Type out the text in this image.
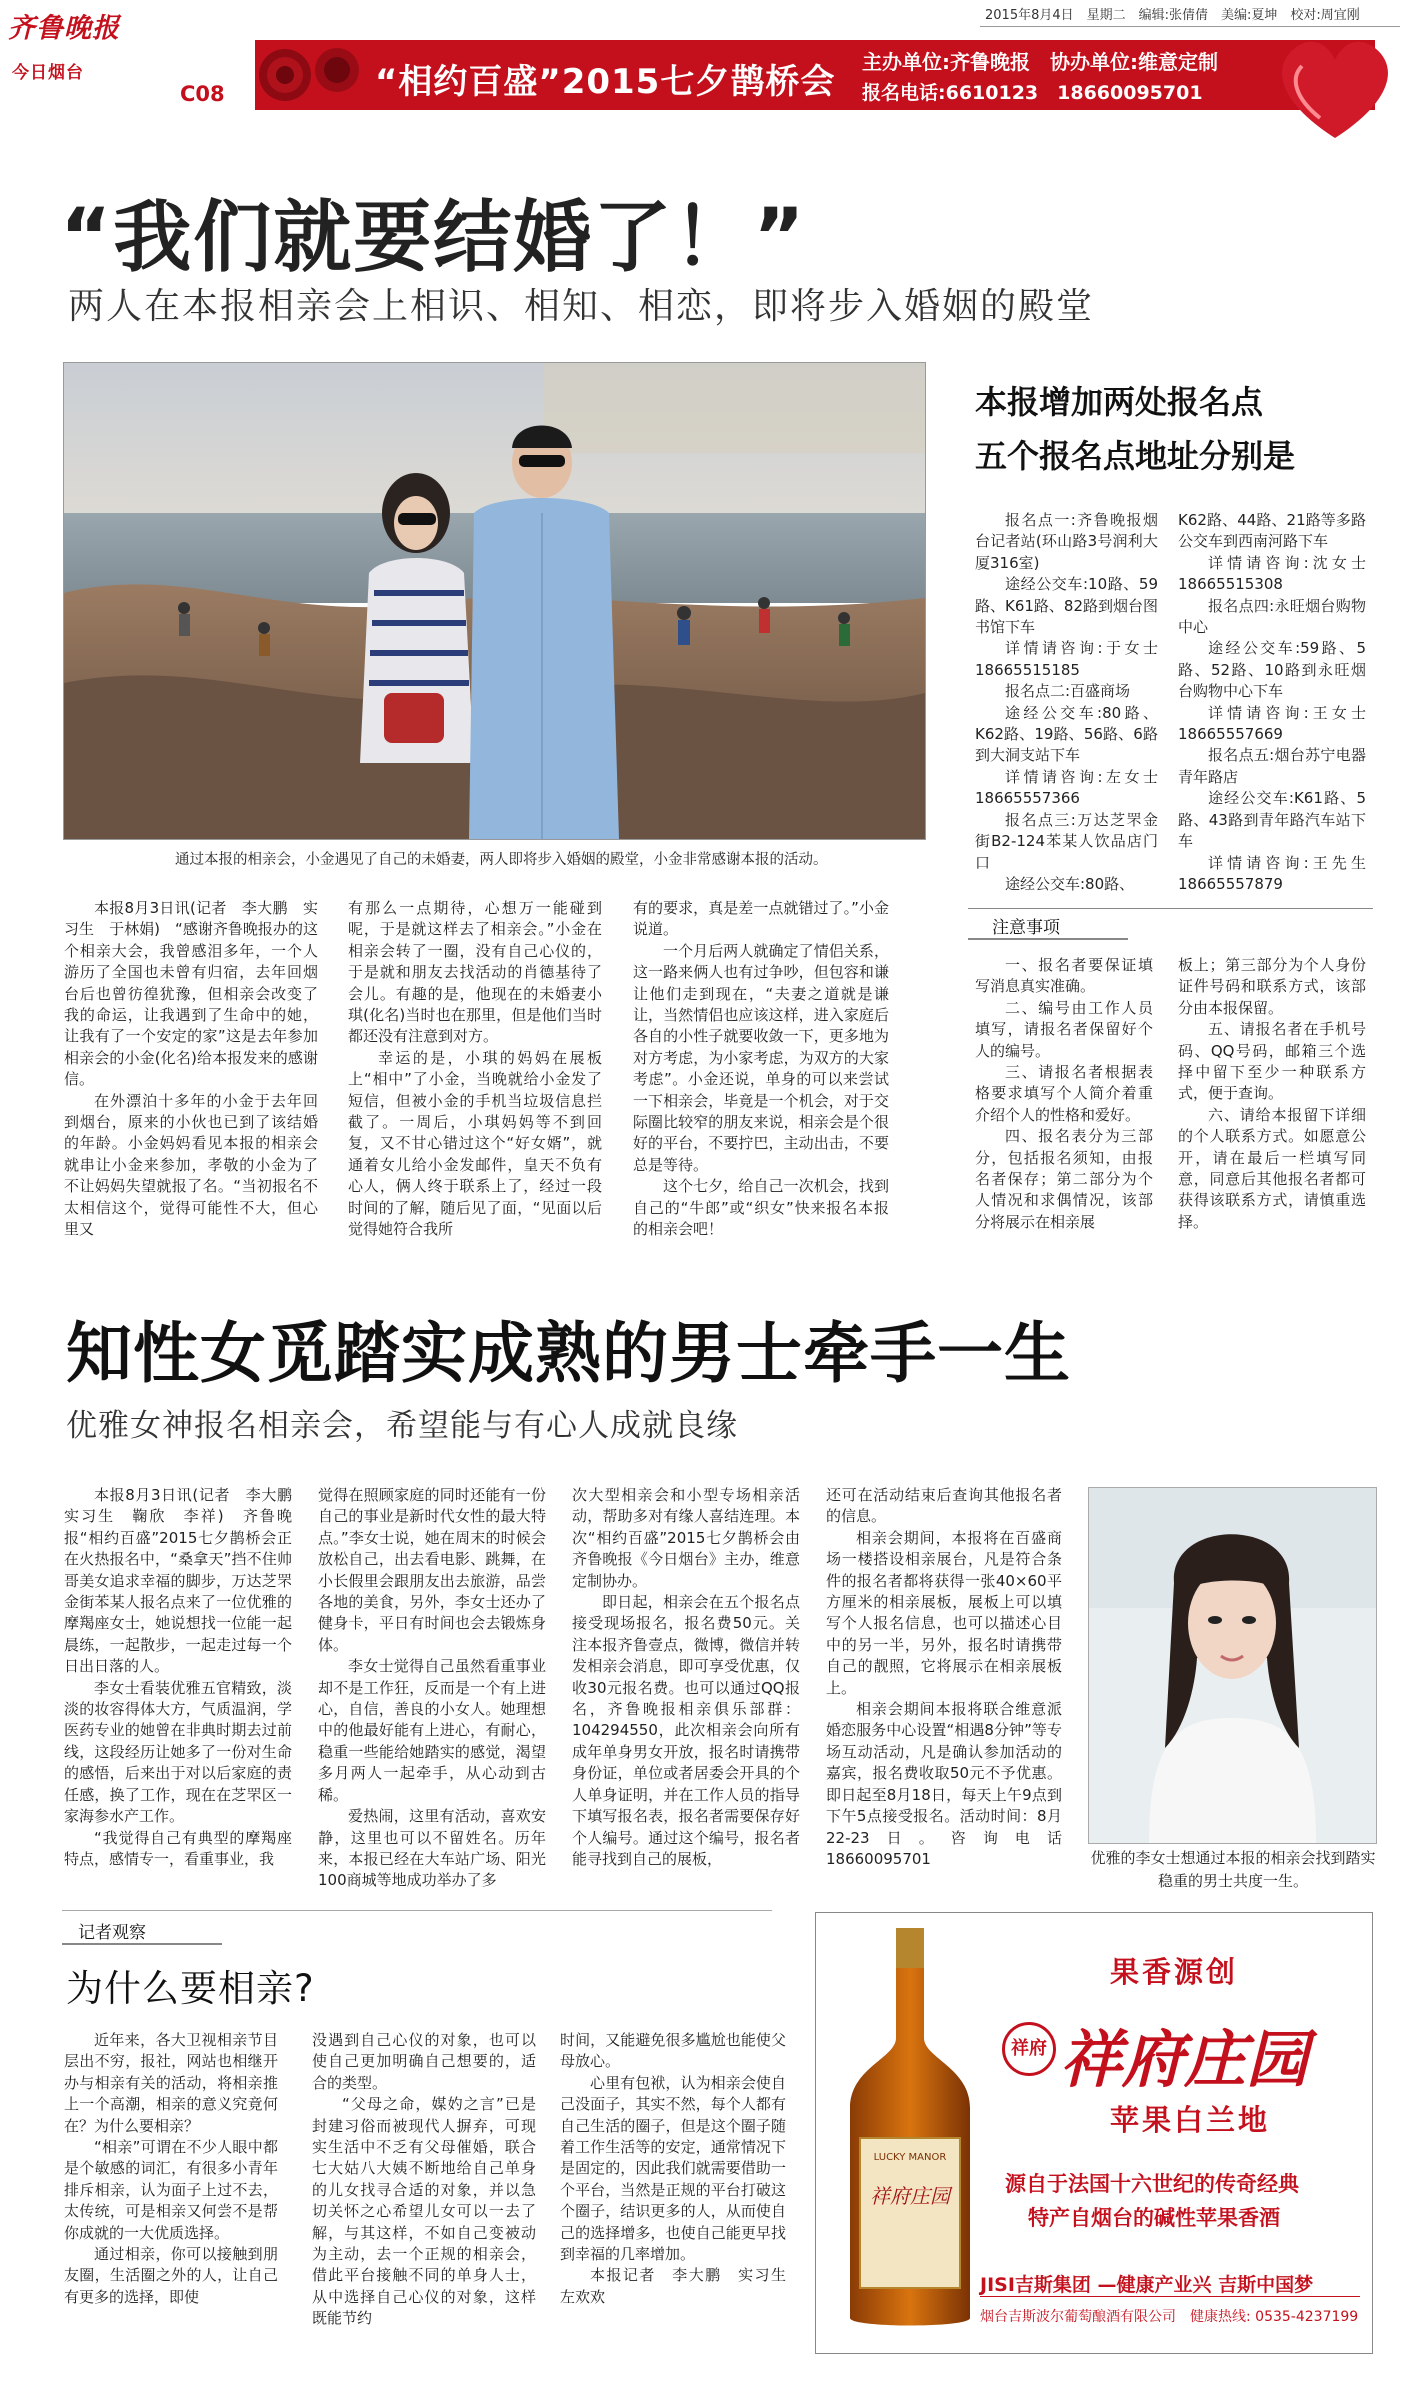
齐鲁晚报
今日烟台
2015年8月4日　星期二　编辑:张倩倩　美编:夏坤　校对:周宜刚
C08	“相约百盛”2015七夕鹊桥会 主办单位:齐鲁晚报　协办单位:维意定制
报名电话:6610123　18660095701
“我们就要结婚了！”
两人在本报相亲会上相识、相知、相恋，即将步入婚姻的殿堂
通过本报的相亲会，小金遇见了自己的未婚妻，两人即将步入婚姻的殿堂，小金非常感谢本报的活动。

本报8月3日讯(记者　李大鹏　实习生　于林娟)　“感谢齐鲁晚报办的这个相亲大会，我曾感泪多年，一个人游历了全国也未曾有归宿，去年回烟台后也曾彷徨犹豫，但相亲会改变了我的命运，让我遇到了生命中的她，让我有了一个安定的家”这是去年参加相亲会的小金(化名)给本报发来的感谢信。

在外漂泊十多年的小金于去年回到烟台，原来的小伙也已到了该结婚的年龄。小金妈妈看见本报的相亲会就串让小金来参加，孝敬的小金为了不让妈妈失望就报了名。“当初报名不太相信这个，觉得可能性不大，但心里又

有那么一点期待，心想万一能碰到呢，于是就这样去了相亲会。”小金在相亲会转了一圈，没有自己心仪的，于是就和朋友去找活动的肖德基待了会儿。有趣的是，他现在的未婚妻小琪(化名)当时也在那里，但是他们当时都还没有注意到对方。

幸运的是，小琪的妈妈在展板上“相中”了小金，当晚就给小金发了短信，但被小金的手机当垃圾信息拦截了。一周后，小琪妈妈等不到回复，又不甘心错过这个“好女婿”，就通着女儿给小金发邮件，皇天不负有心人，俩人终于联系上了，经过一段时间的了解，随后见了面，“见面以后觉得她符合我所

有的要求，真是差一点就错过了。”小金说道。

一个月后两人就确定了情侣关系，这一路来俩人也有过争吵，但包容和谦让他们走到现在，“夫妻之道就是谦让，当然情侣也应该这样，进入家庭后各自的小性子就要收敛一下，更多地为对方考虑，为小家考虑，为双方的大家考虑”。小金还说，单身的可以来尝试一下相亲会，毕竟是一个机会，对于交际圈比较窄的朋友来说，相亲会是个很好的平台，不要拧巴，主动出击，不要总是等待。

这个七夕，给自己一次机会，找到自己的“牛郎”或“织女”快来报名本报的相亲会吧！

本报增加两处报名点
五个报名点地址分别是

报名点一:齐鲁晚报烟台记者站(环山路3号润利大厦316室)

途经公交车:10路、59路、K61路、82路到烟台图书馆下车

详情请咨询:于女士18665515185

报名点二:百盛商场

途经公交车:80路、K62路、19路、56路、6路到大洞支站下车

详情请咨询:左女士18665557366

报名点三:万达芝罘金街B2-124苯某人饮品店门口

途经公交车:80路、

K62路、44路、21路等多路公交车到西南河路下车

详情请咨询:沈女士18665515308

报名点四:永旺烟台购物中心

途经公交车:59路、5路、52路、10路到永旺烟台购物中心下车

详情请咨询:王女士18665557669

报名点五:烟台苏宁电器青年路店

途经公交车:K61路、5路、43路到青年路汽车站下车

详情请咨询:王先生18665557879

注意事项

一、报名者要保证填写消息真实准确。

二、编号由工作人员填写，请报名者保留好个人的编号。

三、请报名者根据表格要求填写个人简介着重介绍个人的性格和爱好。

四、报名表分为三部分，包括报名须知，由报名者保存；第二部分为个人情况和求偶情况，该部分将展示在相亲展

板上；第三部分为个人身份证件号码和联系方式，该部分由本报保留。

五、请报名者在手机号码、QQ号码，邮箱三个选择中留下至少一种联系方式，便于查询。

六、请给本报留下详细的个人联系方式。如愿意公开，请在最后一栏填写同意，同意后其他报名者都可获得该联系方式，请慎重选择。

知性女觅踏实成熟的男士牵手一生
优雅女神报名相亲会，希望能与有心人成就良缘

本报8月3日讯(记者　李大鹏　实习生　鞠欣　李祥)　齐鲁晚报“相约百盛”2015七夕鹊桥会正在火热报名中，“桑拿天”挡不住帅哥美女追求幸福的脚步，万达芝罘金街苯某人报名点来了一位优雅的摩羯座女士，她说想找一位能一起晨练，一起散步，一起走过每一个日出日落的人。

李女士看装优雅五官精致，淡淡的妆容得体大方，气质温润，学医药专业的她曾在非典时期去过前线，这段经历让她多了一份对生命的感悟，后来出于对以后家庭的责任感，换了工作，现在在芝罘区一家海参水产工作。

“我觉得自己有典型的摩羯座特点，感情专一，看重事业，我

觉得在照顾家庭的同时还能有一份自己的事业是新时代女性的最大特点。”李女士说，她在周末的时候会放松自己，出去看电影、跳舞，在小长假里会跟朋友出去旅游，品尝各地的美食，另外，李女士还办了健身卡，平日有时间也会去锻炼身体。

李女士觉得自己虽然看重事业却不是工作狂，反而是一个有上进心，自信，善良的小女人。她理想中的他最好能有上进心，有耐心，稳重一些能给她踏实的感觉，渴望多月两人一起牵手，从心动到古稀。

爱热闹，这里有活动，喜欢安静，这里也可以不留姓名。历年来，本报已经在大车站广场、阳光100商城等地成功举办了多

次大型相亲会和小型专场相亲活动，帮助多对有缘人喜结连理。本次“相约百盛”2015七夕鹊桥会由齐鲁晚报《今日烟台》主办，维意定制协办。

即日起，相亲会在五个报名点接受现场报名，报名费50元。关注本报齐鲁壹点，微博，微信并转发相亲会消息，即可享受优惠，仅收30元报名费。也可以通过QQ报名，齐鲁晚报相亲俱乐部群：104294550，此次相亲会向所有成年单身男女开放，报名时请携带身份证，单位或者居委会开具的个人单身证明，并在工作人员的指导下填写报名表，报名者需要保存好个人编号。通过这个编号，报名者能寻找到自己的展板，

还可在活动结束后查询其他报名者的信息。

相亲会期间，本报将在百盛商场一楼搭设相亲展台，凡是符合条件的报名者都将获得一张40×60平方厘米的相亲展板，展板上可以填写个人报名信息，也可以描述心目中的另一半，另外，报名时请携带自己的靓照，它将展示在相亲展板上。

相亲会期间本报将联合维意派婚恋服务中心设置“相遇8分钟”等专场互动活动，凡是确认参加活动的嘉宾，报名费收取50元不予优惠。即日起至8月18日，每天上午9点到下午5点接受报名。活动时间：8月22-23日。咨询电话18660095701	优雅的李女士想通过本报的相亲会找到踏实稳重的男士共度一生。
记者观察
为什么要相亲?

近年来，各大卫视相亲节目层出不穷，报社，网站也相继开办与相亲有关的活动，将相亲推上一个高潮，相亲的意义究竟何在？为什么要相亲？

“相亲”可谓在不少人眼中都是个敏感的词汇，有很多小青年排斥相亲，认为面子上过不去，太传统，可是相亲又何尝不是帮你成就的一大优质选择。

通过相亲，你可以接触到朋友圈，生活圈之外的人，让自己有更多的选择，即使

没遇到自己心仪的对象，也可以使自己更加明确自己想要的，适合的类型。

“父母之命，媒妁之言”已是封建习俗而被现代人摒弃，可现实生活中不乏有父母催婚，联合七大姑八大姨不断地给自己单身的儿女找寻合适的对象，并以急切关怀之心希望儿女可以一去了解，与其这样，不如自己变被动为主动，去一个正规的相亲会，借此平台接触不同的单身人士，从中选择自己心仪的对象，这样既能节约

时间，又能避免很多尴尬也能使父母放心。

心里有包袱，认为相亲会使自己没面子，其实不然，每个人都有自己生活的圈子，但是这个圈子随着工作生活等的安定，通常情况下是固定的，因此我们就需要借助一个平台，当然是正规的平台打破这个圈子，结识更多的人，从而使自己的选择增多，也使自己能更早找到幸福的几率增加。

本报记者　李大鹏　实习生　左欢欢

LUCKY MANOR
祥府庄园
果香源创
祥府 祥府庄园
苹果白兰地
源自于法国十六世纪的传奇经典
特产自烟台的碱性苹果香酒
JISI吉斯集团 —健康产业兴 吉斯中国梦
烟台吉斯波尔葡萄酿酒有限公司　健康热线: 0535-4237199
